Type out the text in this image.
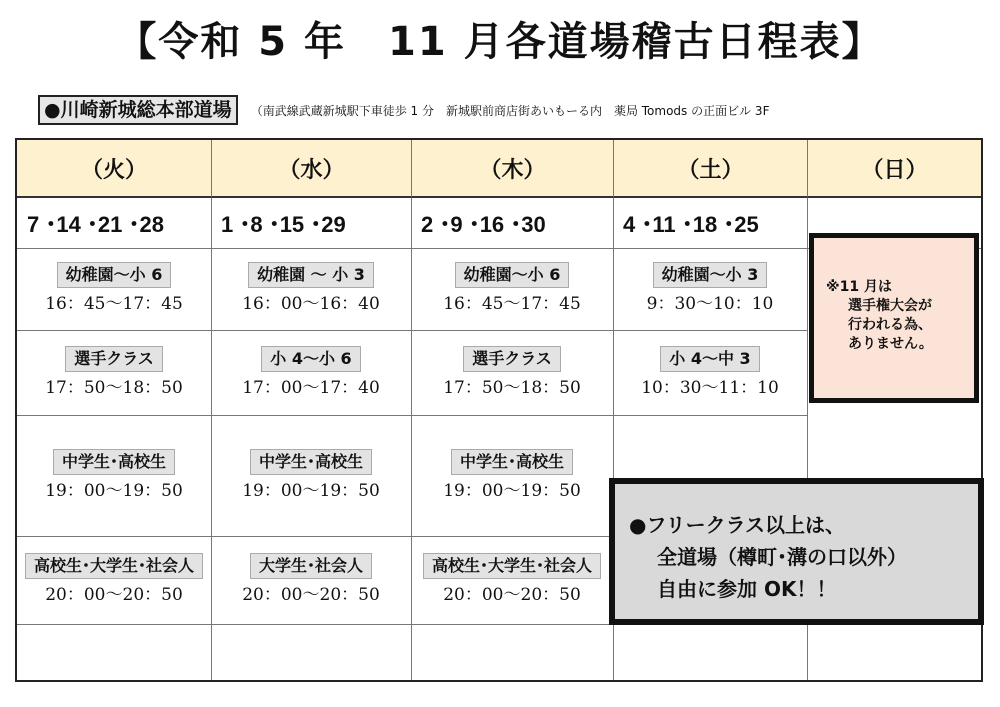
【令和 5 年　11 月各道場稽古日程表】
●川崎新城総本部道場 （南武線武蔵新城駅下車徒歩 1 分　新城駅前商店街あいもーる内　薬局 Tomods の正面ビル 3F
（火）
7 ･14 ･21 ･28
幼稚園～小 6
16：45～17：45
選手クラス
17：50～18：50
中学生･高校生
19：00～19：50
高校生･大学生･社会人
20：00～20：50
（水）
1 ･8 ･15 ･29
幼稚園 ～ 小 3
16：00～16：40
小 4～小 6
17：00～17：40
中学生･高校生
19：00～19：50
大学生･社会人
20：00～20：50
（木）
2 ･9 ･16 ･30
幼稚園～小 6
16：45～17：45
選手クラス
17：50～18：50
中学生･高校生
19：00～19：50
高校生･大学生･社会人
20：00～20：50
（土）
4 ･11 ･18 ･25
幼稚園～小 3
9：30～10：10
小 4～中 3
10：30～11：10
（日）
※11 月は
選手権大会が
行われる為、
ありません。
●フリークラス以上は、
全道場（樽町･溝の口以外）
自由に参加 OK！！
